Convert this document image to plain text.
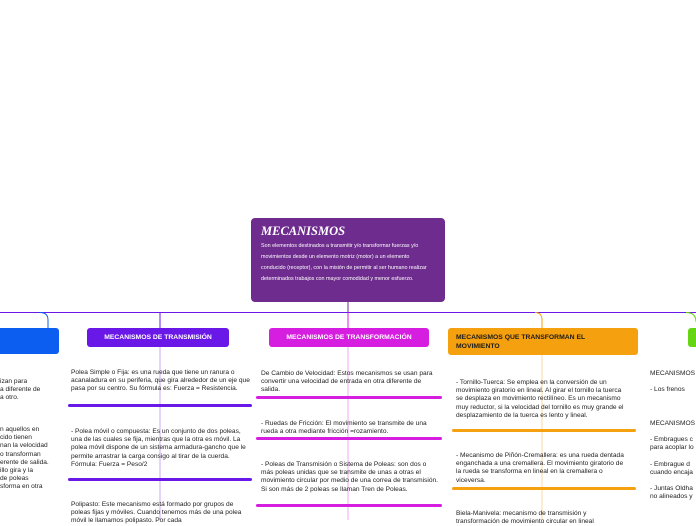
MECANISMOS
Son elementos destinados a transmitir y/o transformar fuerzas y/o movimientos desde un elemento motriz (motor) a un elemento conducido (receptor), con la misión de permitir al ser humano realizar determinados trabajos con mayor comodidad y menor esfuerzo.
izan para
a diferente de
a otro.
n aquellos en
cido tienen
nan la velocidad
o transforman
erente de salida.
illo gira y la
de poleas
sforma en otra
MECANISMOS DE TRANSMISIÓN
Polea Simple o Fija: es una rueda que tiene un ranura o acanaladura en su periferia, que gira alrededor de un eje que pasa por su centro. Su fórmula es: Fuerza = Resistencia.
- Polea móvil o compuesta: Es un conjunto de dos poleas, una de las cuales se fija, mientras que la otra es móvil. La polea móvil dispone de un sistema armadura-gancho que le permite arrastrar la carga consigo al tirar de la cuerda. Fórmula: Fuerza = Peso/2
Polipasto: Este mecanismo está formado por grupos de poleas fijas y móviles. Cuando tenemos más de una polea móvil le llamamos polipasto. Por cada
MECANISMOS DE TRANSFORMACIÓN
De Cambio de Velocidad: Estos mecanismos se usan para convertir una velocidad de entrada en otra diferente de salida.
- Ruedas de Fricción: El movimiento se transmite de una rueda a otra mediante fricción =rozamiento.
- Poleas de Transmisión o Sistema de Poleas: son dos o más poleas unidas que se transmite de unas a otras el movimiento circular por medio de una correa de transmisión. Si son más de 2 poleas se llaman Tren de Poleas.
MECANISMOS QUE TRANSFORMAN EL MOVIMIENTO
- Tornillo-Tuerca: Se emplea en la conversión de un movimiento giratorio en lineal. Al girar el tornillo la tuerca se desplaza en movimiento rectilíneo. Es un mecanismo muy reductor, si la velocidad del tornillo es muy grande el desplazamiento de la tuerca es lento y lineal.
- Mecanismo de Piñón-Cremallera: es una rueda dentada enganchada a una cremallera. El movimiento giratorio de la rueda se transforma en lineal en la cremallera o viceversa.
Biela-Manivela: mecanismo de transmisión y transformación de movimiento circular en lineal
MECANISMOS
- Los frenos
MECANISMOS
- Embragues c
para acoplar lo
- Embrague d
cuando encaja
- Juntas Oldha
no alineados y
